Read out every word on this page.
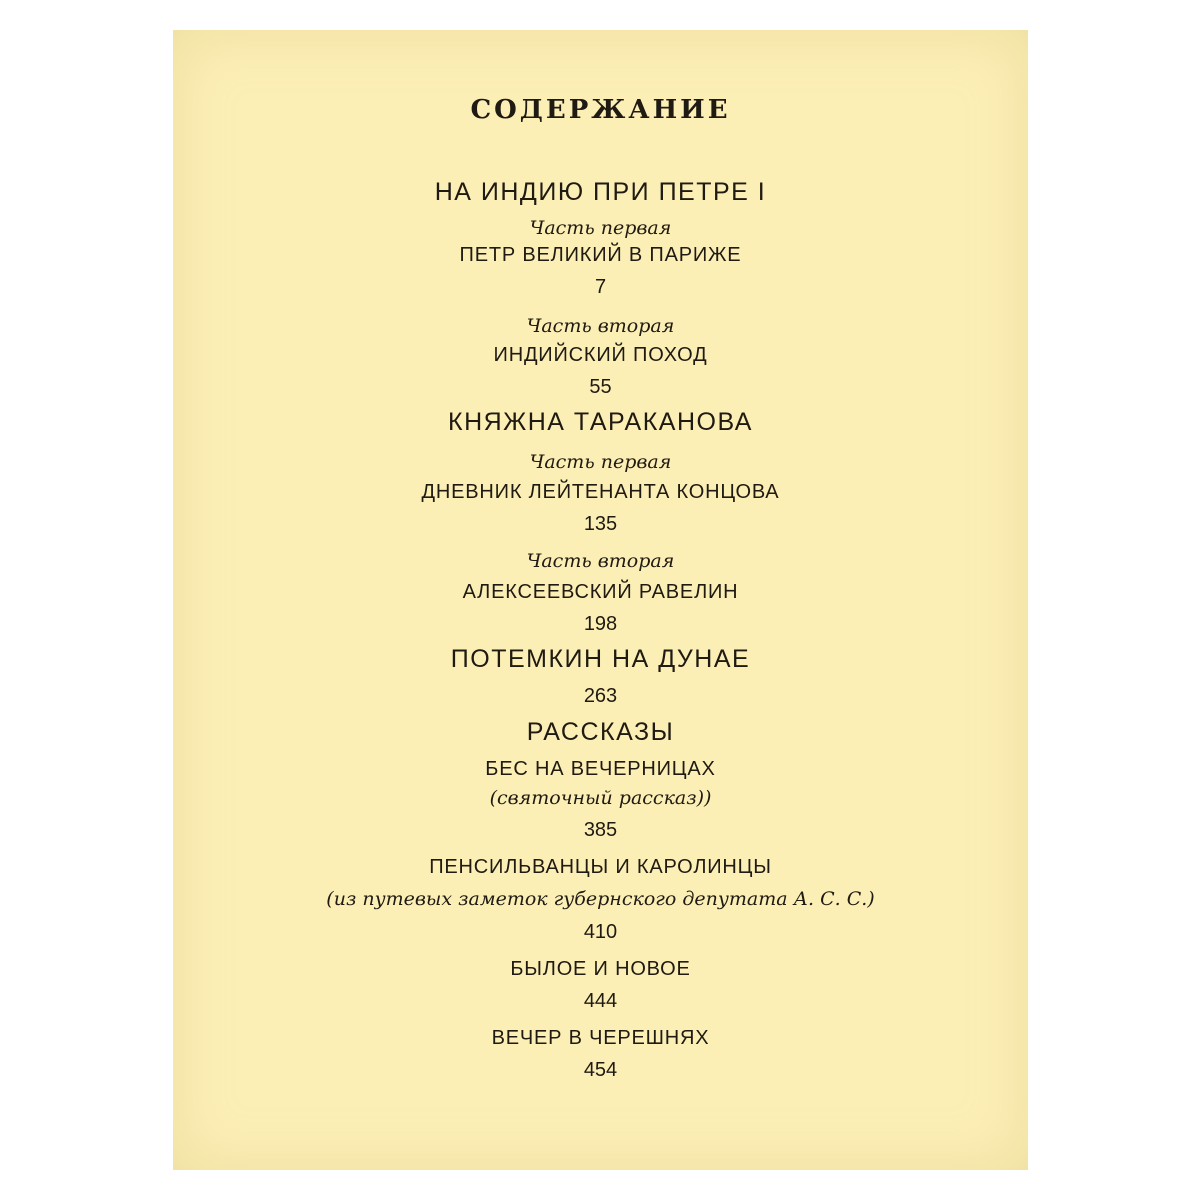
СОДЕРЖАНИЕ
НА ИНДИЮ ПРИ ПЕТРЕ I
Часть первая
ПЕТР ВЕЛИКИЙ В ПАРИЖЕ
7
Часть вторая
ИНДИЙСКИЙ ПОХОД
55
КНЯЖНА ТАРАКАНОВА
Часть первая
ДНЕВНИК ЛЕЙТЕНАНТА КОНЦОВА
135
Часть вторая
АЛЕКСЕЕВСКИЙ РАВЕЛИН
198
ПОТЕМКИН НА ДУНАЕ
263
РАССКАЗЫ
БЕС НА ВЕЧЕРНИЦАХ
(святочный рассказ))
385
ПЕНСИЛЬВАНЦЫ И КАРОЛИНЦЫ
(из путевых заметок губернского депутата А. С. С.)
410
БЫЛОЕ И НОВОЕ
444
ВЕЧЕР В ЧЕРЕШНЯХ
454
